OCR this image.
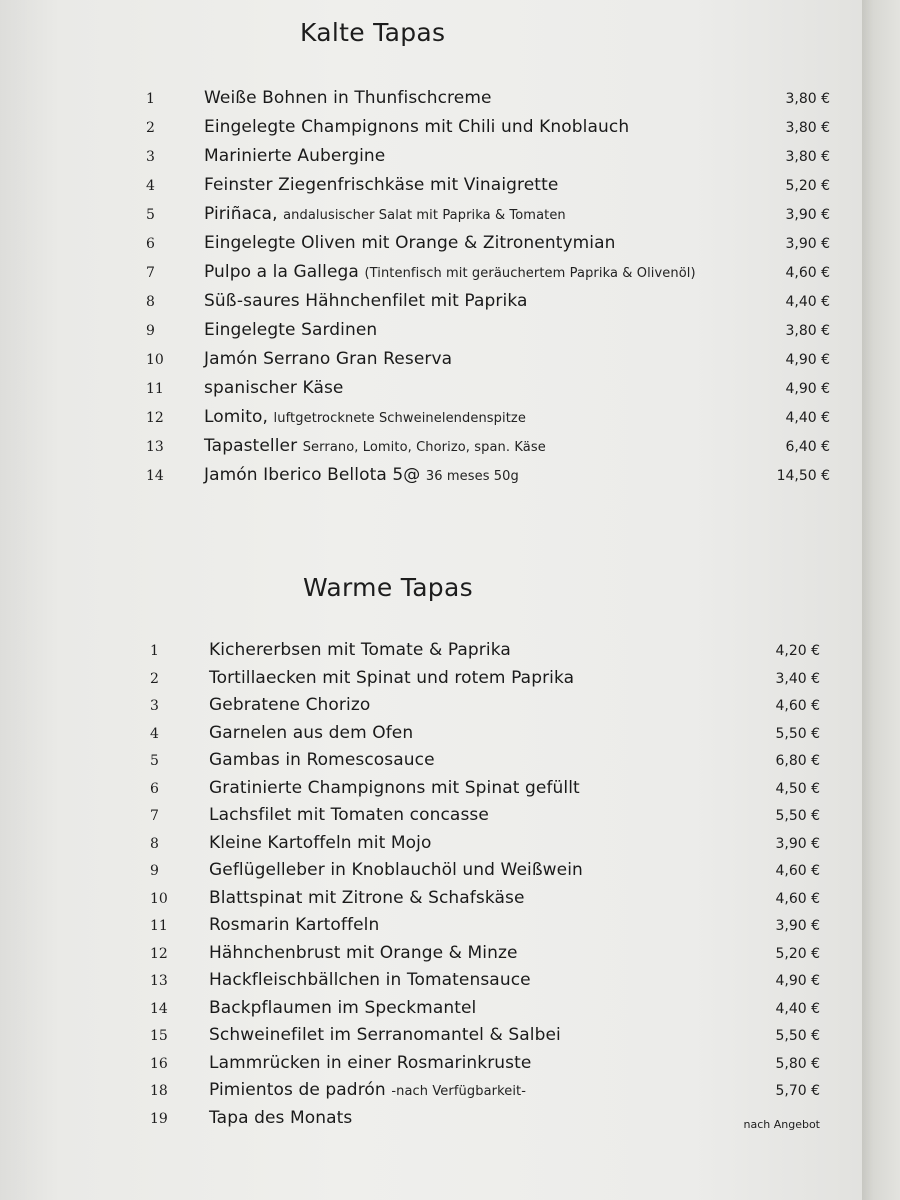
Kalte Tapas
1	Weiße Bohnen in Thunfischcreme	3,80 €
2	Eingelegte Champignons mit Chili und Knoblauch	3,80 €
3	Marinierte Aubergine	3,80 €
4	Feinster Ziegenfrischkäse mit Vinaigrette	5,20 €
5	Piriñaca, andalusischer Salat mit Paprika & Tomaten	3,90 €
6	Eingelegte Oliven mit Orange & Zitronentymian	3,90 €
7	Pulpo a la Gallega (Tintenfisch mit geräuchertem Paprika & Olivenöl)	4,60 €
8	Süß-saures Hähnchenfilet mit Paprika	4,40 €
9	Eingelegte Sardinen	3,80 €
10 Jamón Serrano Gran Reserva	4,90 €
11 spanischer Käse	4,90 €
12 Lomito, luftgetrocknete Schweinelendenspitze	4,40 €
13 Tapasteller Serrano, Lomito, Chorizo, span. Käse	6,40 €
14 Jamón Iberico Bellota 5@ 36 meses 50g	14,50 €
Warme Tapas
1	Kichererbsen mit Tomate & Paprika	4,20 €
2	Tortillaecken mit Spinat und rotem Paprika	3,40 €
3	Gebratene Chorizo	4,60 €
4	Garnelen aus dem Ofen	5,50 €
5	Gambas in Romescosauce	6,80 €
6	Gratinierte Champignons mit Spinat gefüllt	4,50 €
7	Lachsfilet mit Tomaten concasse	5,50 €
8	Kleine Kartoffeln mit Mojo	3,90 €
9	Geflügelleber in Knoblauchöl und Weißwein	4,60 €
10 Blattspinat mit Zitrone & Schafskäse	4,60 €
11 Rosmarin Kartoffeln	3,90 €
12 Hähnchenbrust mit Orange & Minze	5,20 €
13 Hackfleischbällchen in Tomatensauce	4,90 €
14 Backpflaumen im Speckmantel	4,40 €
15 Schweinefilet im Serranomantel & Salbei	5,50 €
16 Lammrücken in einer Rosmarinkruste	5,80 €
18 Pimientos de padrón -nach Verfügbarkeit-	5,70 €
19 Tapa des Monats	nach Angebot
